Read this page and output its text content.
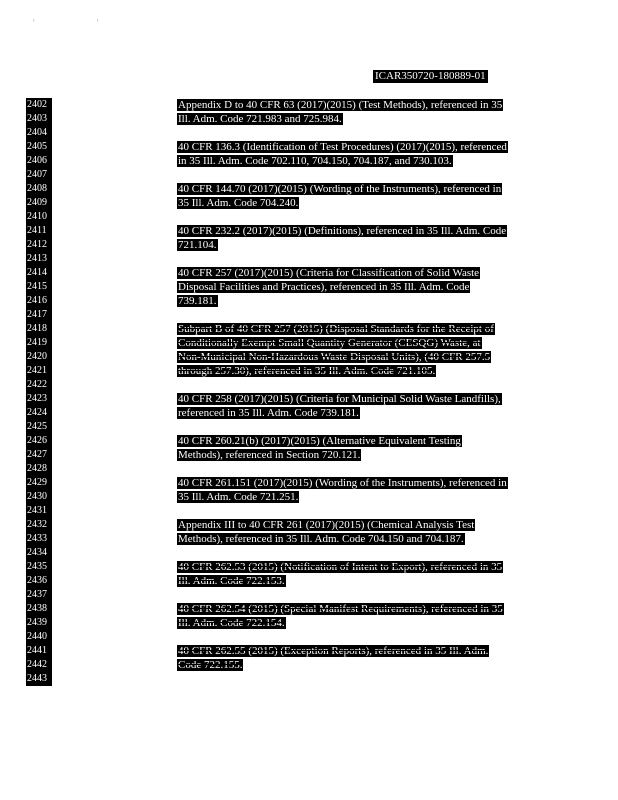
' '
ICAR350720-180889-01
2402
2403
2404
2405
2406
2407
2408
2409
2410
2411
2412
2413
2414
2415
2416
2417
2418
2419
2420
2421
2422
2423
2424
2425
2426
2427
2428
2429
2430
2431
2432
2433
2434
2435
2436
2437
2438
2439
2440
2441
2442
2443
Appendix D to 40 CFR 63 (2017)(2015) (Test Methods), referenced in 35
Ill. Adm. Code 721.983 and 725.984.
40 CFR 136.3 (Identification of Test Procedures) (2017)(2015), referenced
in 35 Ill. Adm. Code 702.110, 704.150, 704.187, and 730.103.
40 CFR 144.70 (2017)(2015) (Wording of the Instruments), referenced in
35 Ill. Adm. Code 704.240.
40 CFR 232.2 (2017)(2015) (Definitions), referenced in 35 Ill. Adm. Code
721.104.
40 CFR 257 (2017)(2015) (Criteria for Classification of Solid Waste
Disposal Facilities and Practices), referenced in 35 Ill. Adm. Code
739.181.
Subpart B of 40 CFR 257 (2015) (Disposal Standards for the Receipt of
Conditionally Exempt Small Quantity Generator (CESQG) Waste, at
Non-Municipal Non-Hazardous Waste Disposal Units), (40 CFR 257.5
through 257.30), referenced in 35 Ill. Adm. Code 721.105.
40 CFR 258 (2017)(2015) (Criteria for Municipal Solid Waste Landfills),
referenced in 35 Ill. Adm. Code 739.181.
40 CFR 260.21(b) (2017)(2015) (Alternative Equivalent Testing
Methods), referenced in Section 720.121.
40 CFR 261.151 (2017)(2015) (Wording of the Instruments), referenced in
35 Ill. Adm. Code 721.251.
Appendix III to 40 CFR 261 (2017)(2015) (Chemical Analysis Test
Methods), referenced in 35 Ill. Adm. Code 704.150 and 704.187.
40 CFR 262.53 (2015) (Notification of Intent to Export), referenced in 35
Ill. Adm. Code 722.153.
40 CFR 262.54 (2015) (Special Manifest Requirements), referenced in 35
Ill. Adm. Code 722.154.
40 CFR 262.55 (2015) (Exception Reports), referenced in 35 Ill. Adm.
Code 722.155.
